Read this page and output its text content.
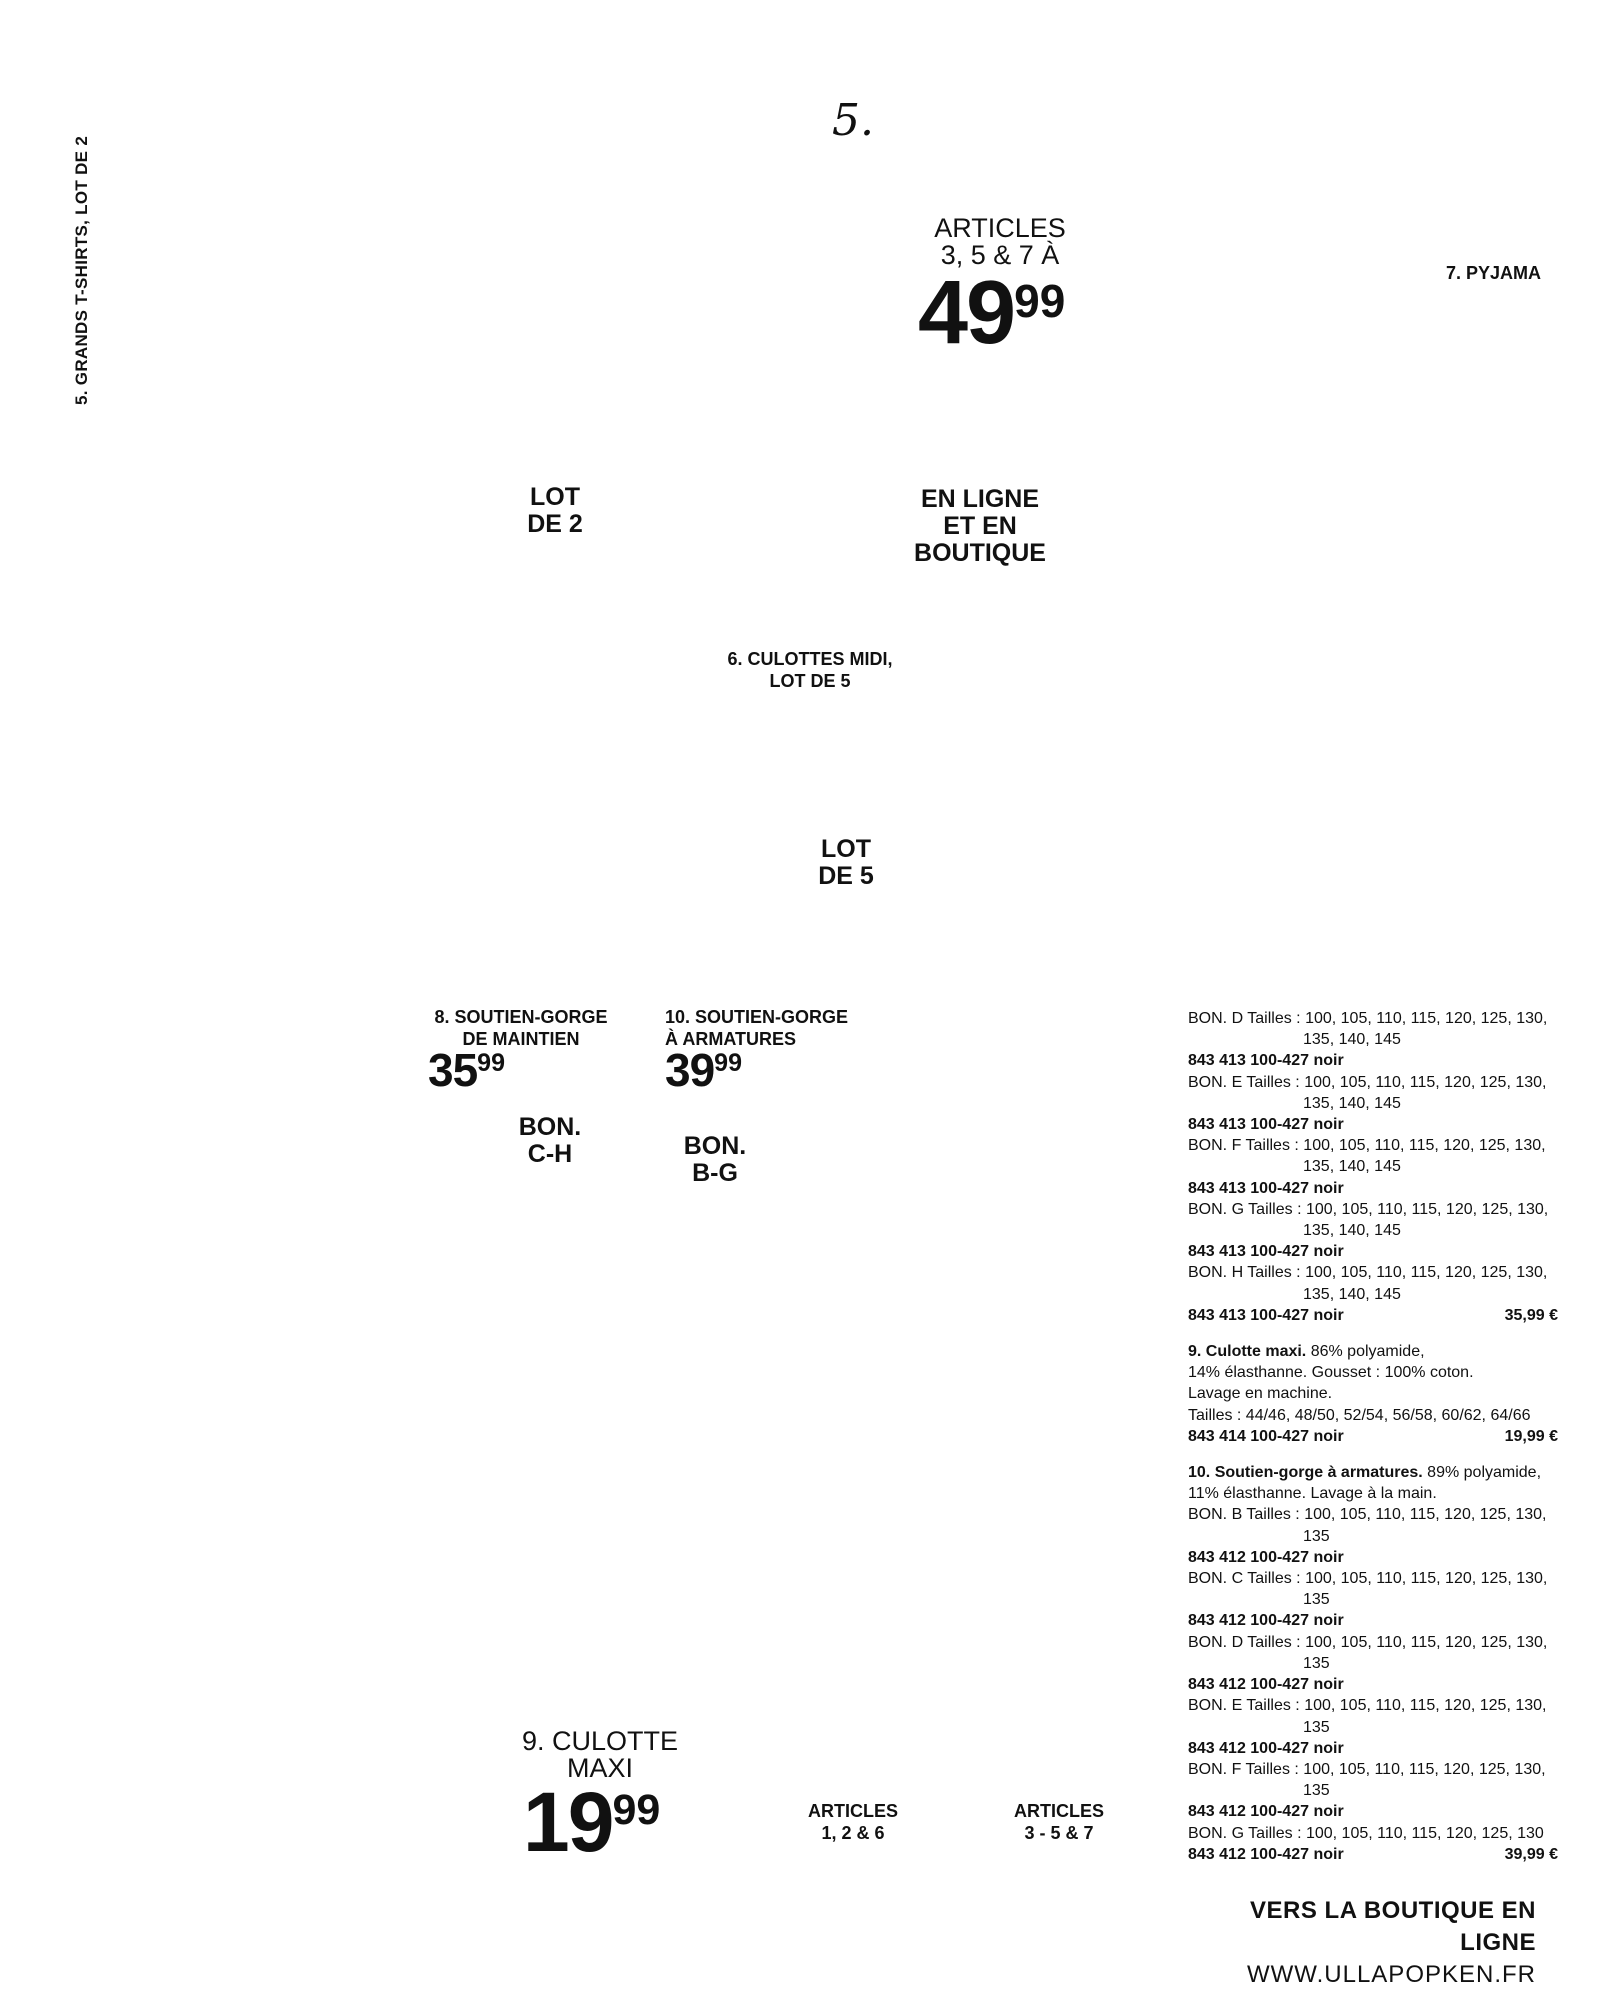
5.
5. GRANDS T-SHIRTS, LOT DE 2	ARTICLES
3, 5 & 7 À
4999
7. PYJAMA
LOT
DE 2
EN LIGNE
ET EN
BOUTIQUE
6. CULOTTES MIDI,
LOT DE 5
LOT
DE 5
8. SOUTIEN-GORGE
DE MAINTIEN
3599
10. SOUTIEN-GORGE
À ARMATURES
3999
BON.
C-H	BON.
B-G
9. CULOTTE
MAXI
1999	ARTICLES
1, 2 & 6
ARTICLES
3 - 5 & 7
BON. D Tailles : 100, 105, 110, 115, 120, 125, 130, 135, 140, 145
843 413 100-427 noir
BON. E Tailles : 100, 105, 110, 115, 120, 125, 130, 135, 140, 145
843 413 100-427 noir
BON. F Tailles : 100, 105, 110, 115, 120, 125, 130, 135, 140, 145
843 413 100-427 noir
BON. G Tailles : 100, 105, 110, 115, 120, 125, 130, 135, 140, 145
843 413 100-427 noir
BON. H Tailles : 100, 105, 110, 115, 120, 125, 130, 135, 140, 145
843 413 100-427 noir	35,99 €
9. Culotte maxi. 86% polyamide,
14% élasthanne. Gousset : 100% coton.
Lavage en machine.
Tailles : 44/46, 48/50, 52/54, 56/58, 60/62, 64/66
843 414 100-427 noir	19,99 €
10. Soutien-gorge à armatures. 89% polyamide,
11% élasthanne. Lavage à la main.
BON. B Tailles : 100, 105, 110, 115, 120, 125, 130, 135
843 412 100-427 noir
BON. C Tailles : 100, 105, 110, 115, 120, 125, 130, 135
843 412 100-427 noir
BON. D Tailles : 100, 105, 110, 115, 120, 125, 130, 135
843 412 100-427 noir
BON. E Tailles : 100, 105, 110, 115, 120, 125, 130, 135
843 412 100-427 noir
BON. F Tailles : 100, 105, 110, 115, 120, 125, 130, 135
843 412 100-427 noir
BON. G Tailles : 100, 105, 110, 115, 120, 125, 130
843 412 100-427 noir	39,99 €
VERS LA BOUTIQUE EN LIGNE
WWW.ULLAPOPKEN.FR
